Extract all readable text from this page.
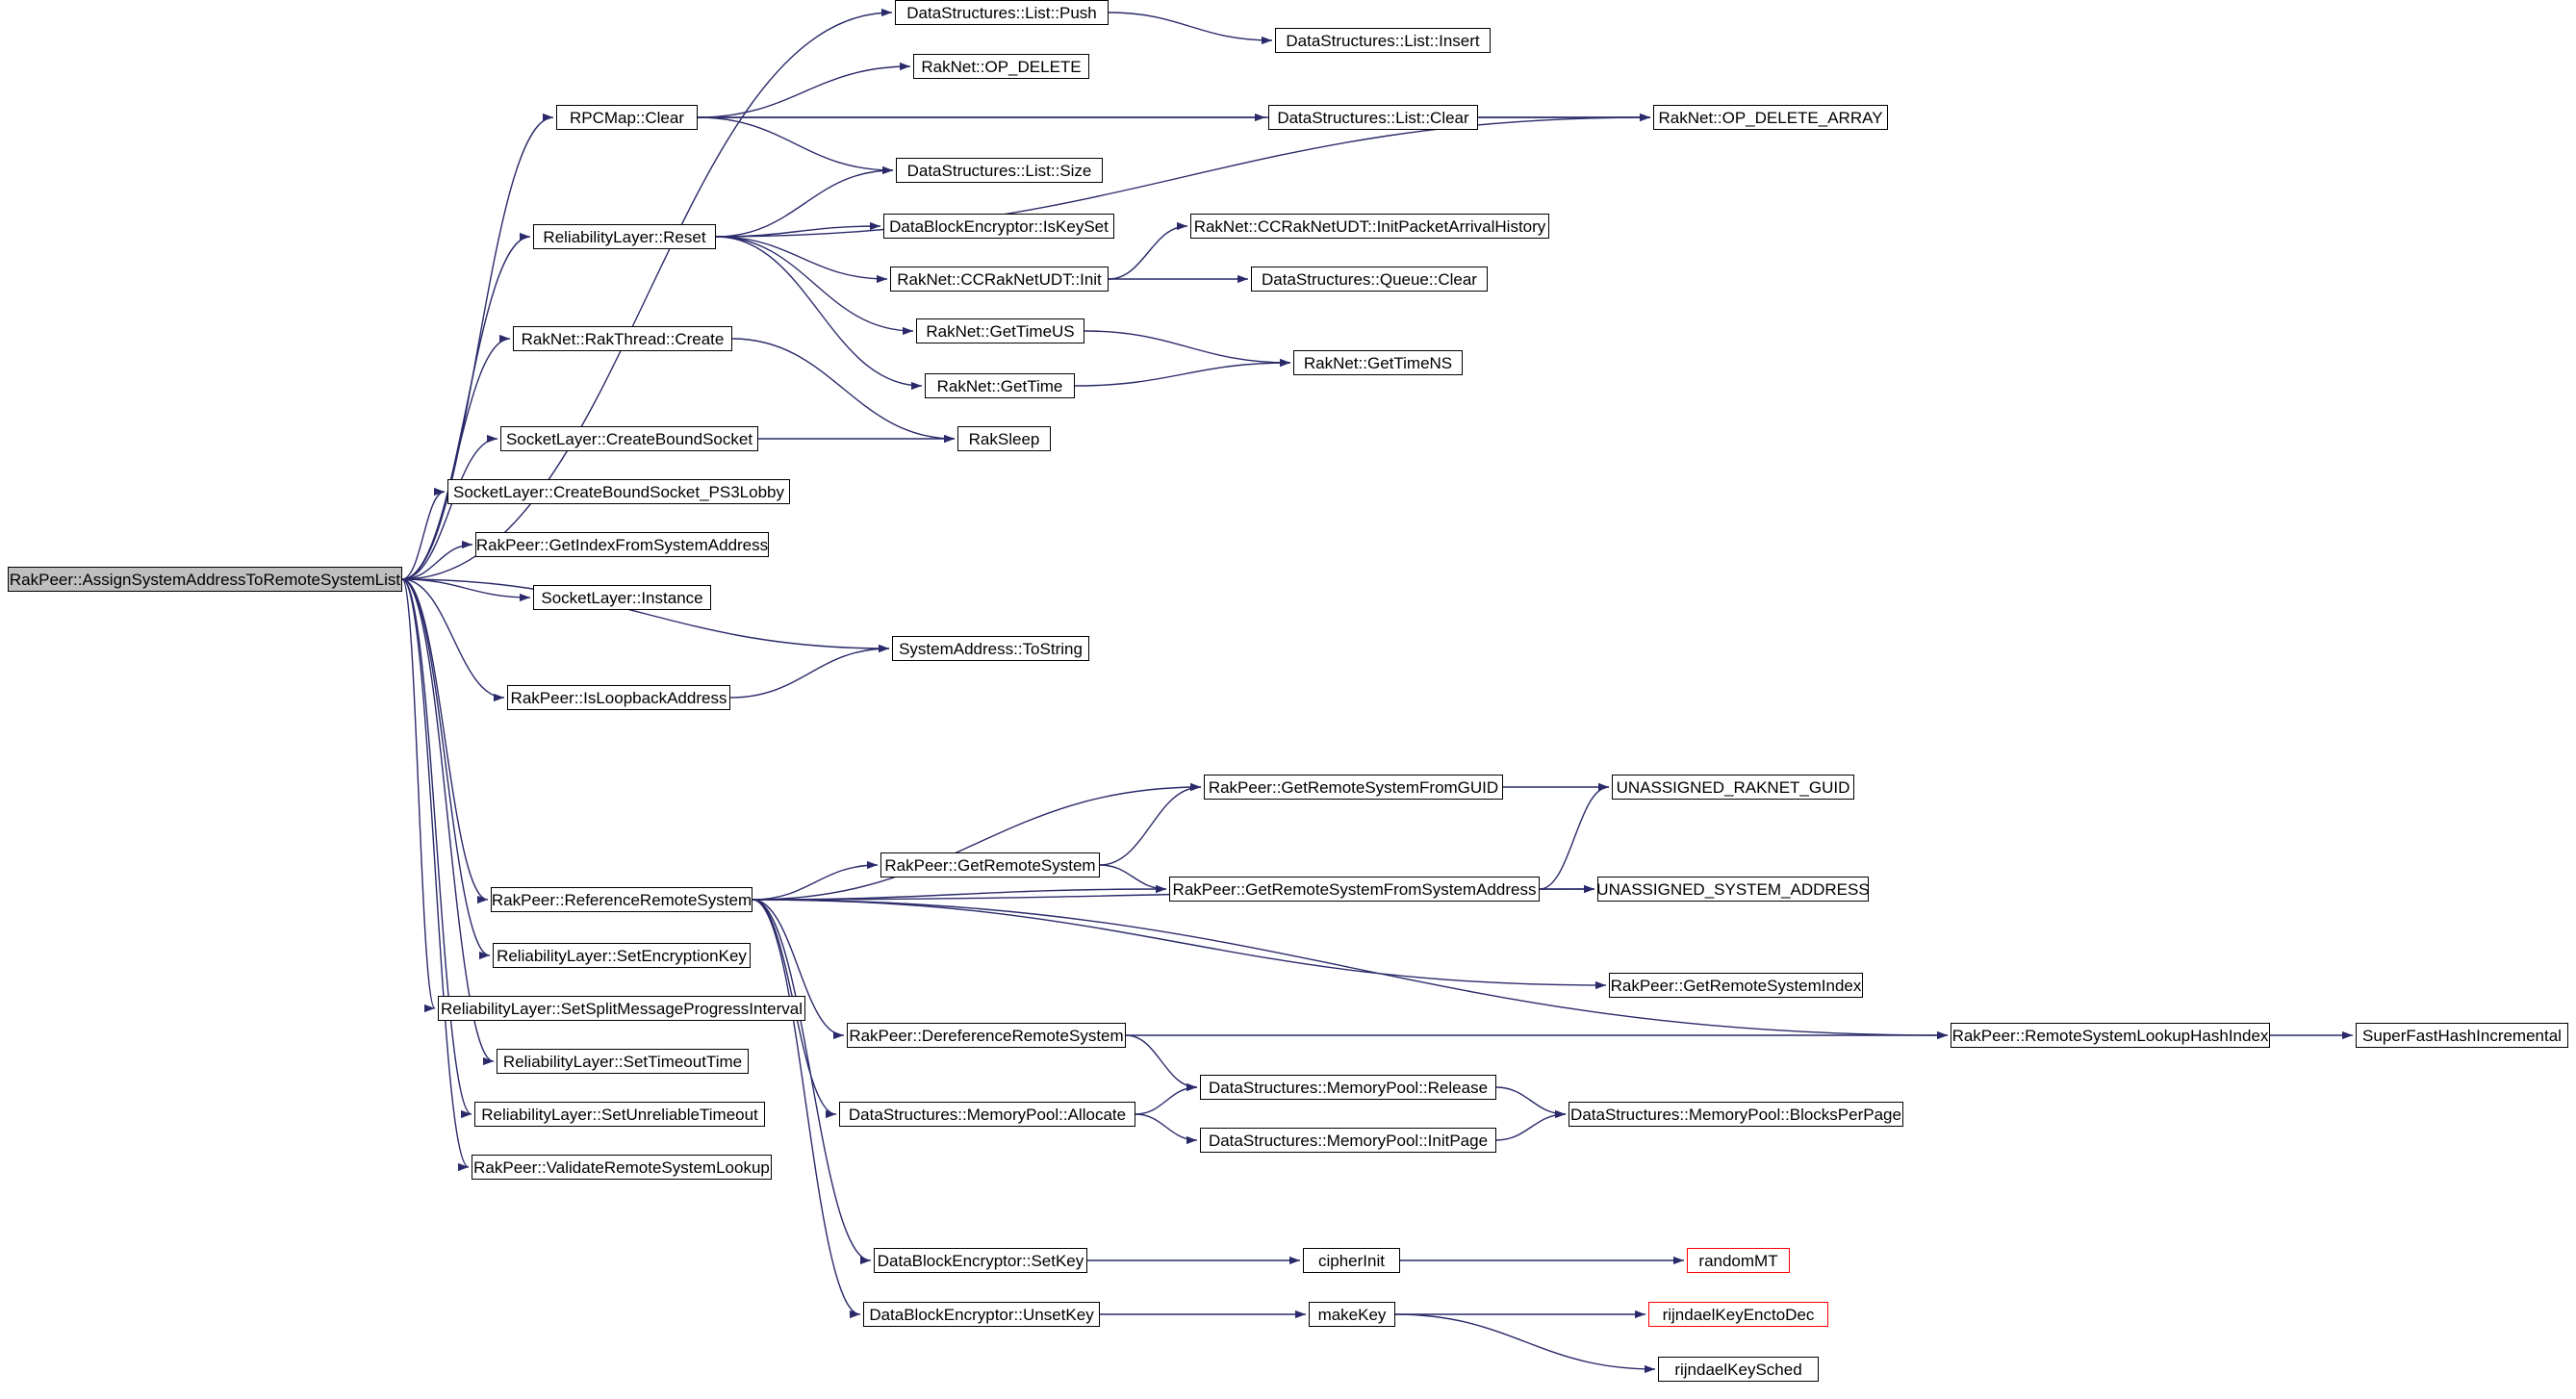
RakPeer::AssignSystemAddressToRemoteSystemList
DataStructures::List::Push
DataStructures::List::Insert
RakNet::OP_DELETE
RPCMap::Clear	DataStructures::List::Clear	RakNet::OP_DELETE_ARRAY
DataStructures::List::Size
DataBlockEncryptor::IsKeySet	RakNet::CCRakNetUDT::InitPacketArrivalHistory
ReliabilityLayer::Reset
RakNet::CCRakNetUDT::Init	DataStructures::Queue::Clear
RakNet::GetTimeUS
RakNet::GetTimeNS
RakNet::RakThread::Create
RakNet::GetTime
SocketLayer::CreateBoundSocket	RakSleep
SocketLayer::CreateBoundSocket_PS3Lobby
RakPeer::GetIndexFromSystemAddress
SocketLayer::Instance
SystemAddress::ToString
RakPeer::IsLoopbackAddress
RakPeer::GetRemoteSystemFromGUID	UNASSIGNED_RAKNET_GUID
RakPeer::GetRemoteSystem
RakPeer::GetRemoteSystemFromSystemAddress	UNASSIGNED_SYSTEM_ADDRESS
RakPeer::ReferenceRemoteSystem
RakPeer::GetRemoteSystemIndex
ReliabilityLayer::SetEncryptionKey
ReliabilityLayer::SetSplitMessageProgressInterval
RakPeer::DereferenceRemoteSystem	RakPeer::RemoteSystemLookupHashIndex	SuperFastHashIncremental
ReliabilityLayer::SetTimeoutTime
DataStructures::MemoryPool::Release
ReliabilityLayer::SetUnreliableTimeout	DataStructures::MemoryPool::Allocate	DataStructures::MemoryPool::BlocksPerPage
DataStructures::MemoryPool::InitPage
RakPeer::ValidateRemoteSystemLookup
DataBlockEncryptor::SetKey	cipherInit	randomMT
DataBlockEncryptor::UnsetKey	makeKey	rijndaelKeyEnctoDec
rijndaelKeySched
